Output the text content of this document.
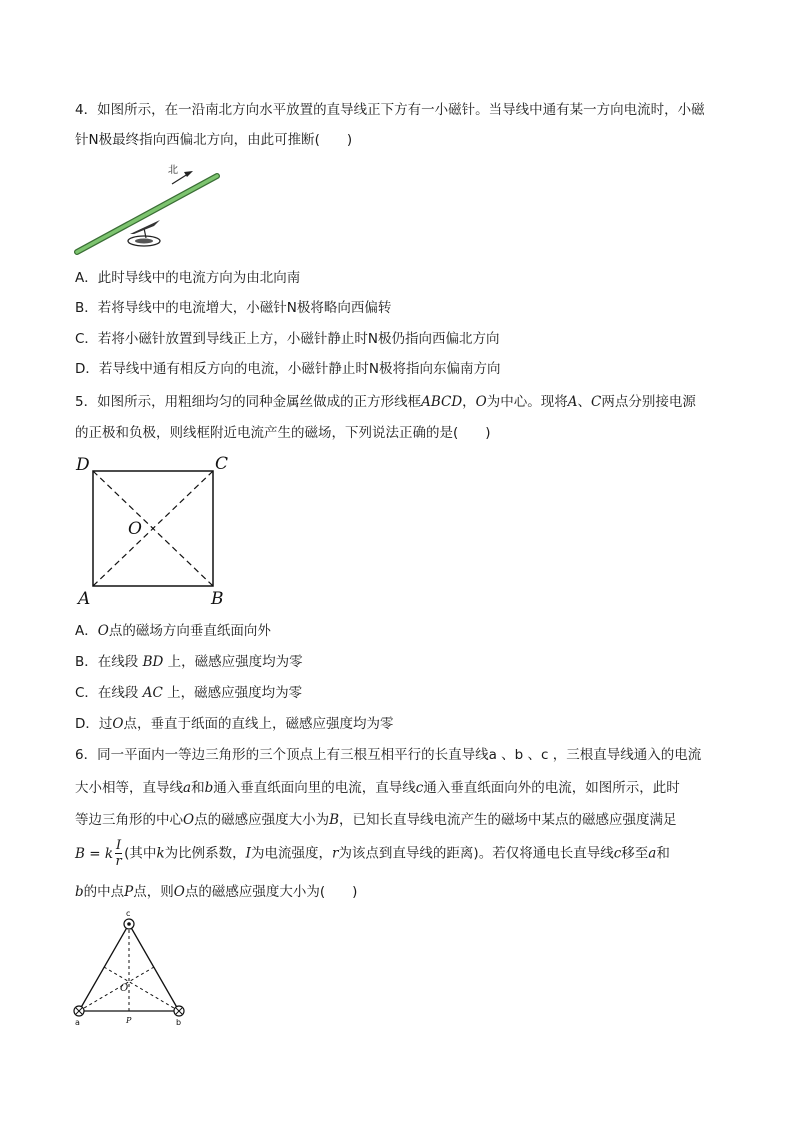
4．如图所示，在一沿南北方向水平放置的直导线正下方有一小磁针。当导线中通有某一方向电流时，小磁
针N极最终指向西偏北方向，由此可推断(　　)
北
A．此时导线中的电流方向为由北向南
B．若将导线中的电流增大，小磁针N极将略向西偏转
C．若将小磁针放置到导线正上方，小磁针静止时N极仍指向西偏北方向
D．若导线中通有相反方向的电流，小磁针静止时N极将指向东偏南方向
5．如图所示，用粗细均匀的同种金属丝做成的正方形线框ABCD，O为中心。现将A、C两点分别接电源
的正极和负极，则线框附近电流产生的磁场，下列说法正确的是(　　)
D	C
A	B
O
A．O点的磁场方向垂直纸面向外
B．在线段 BD 上，磁感应强度均为零
C．在线段 AC 上，磁感应强度均为零
D．过O点，垂直于纸面的直线上，磁感应强度均为零
6．同一平面内一等边三角形的三个顶点上有三根互相平行的长直导线a 、b 、c ，三根直导线通入的电流
大小相等，直导线a和b通入垂直纸面向里的电流，直导线c通入垂直纸面向外的电流，如图所示，此时
等边三角形的中心O点的磁感应强度大小为B，已知长直导线电流产生的磁场中某点的磁感应强度满足
B = k $\frac{I}{r}$ (其中k为比例系数，I为电流强度，r为该点到直导线的距离)。若仅将通电长直导线c移至a和
b的中点P点，则O点的磁感应强度大小为(　　)
c
a	b
O
P
